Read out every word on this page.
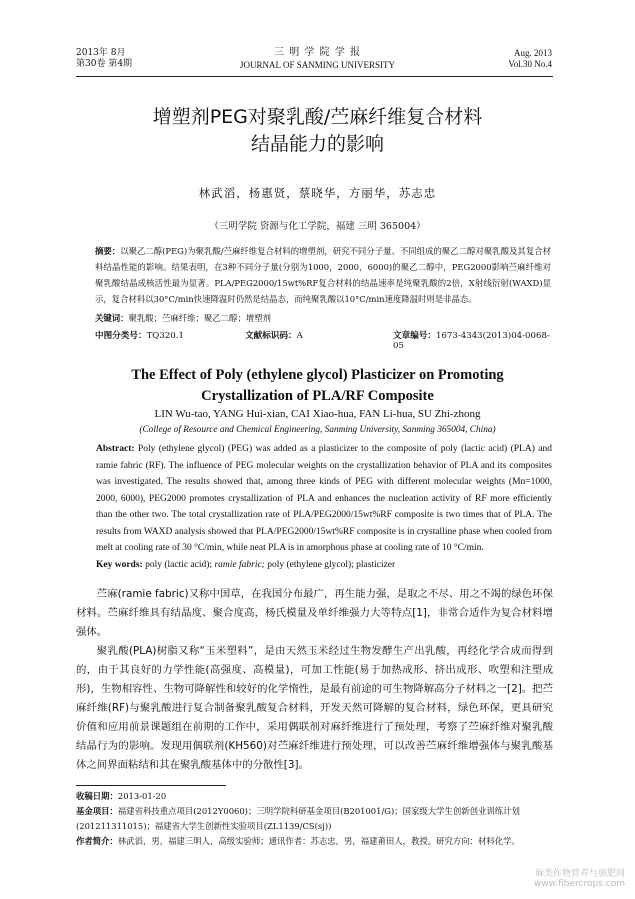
2013年 8月
第30卷 第4期
三 明 学 院 学 报
JOURNAL OF SANMING UNIVERSITY
Aug. 2013
Vol.30 No.4
增塑剂PEG对聚乳酸/苎麻纤维复合材料
结晶能力的影响
林武滔，杨惠贤，蔡晓华，方丽华，苏志忠
（三明学院 资源与化工学院，福建 三明 365004）
摘要：以聚乙二醇(PEG)为聚乳酸/苎麻纤维复合材料的增塑剂，研究不同分子量、不同组成的聚乙二醇对聚乳酸及其复合材料结晶性能的影响。结果表明，在3种不同分子量(分别为1000，2000，6000)的聚乙二醇中，PEG2000影响苎麻纤维对聚乳酸结晶成核活性最为显著。PLA/PEG2000/15wt%RF复合材料的结晶速率是纯聚乳酸的2倍，X射线衍射(WAXD)显示，复合材料以30°C/min快速降温时仍然是结晶态，而纯聚乳酸以10°C/min速度降温时则是非晶态。
关键词：聚乳酸；苎麻纤维；聚乙二醇；增塑剂
中图分类号：TQ320.1	文献标识码：A	文章编号：1673-4343(2013)04-0068-05
The Effect of Poly (ethylene glycol) Plasticizer on Promoting
Crystallization of PLA/RF Composite
LIN Wu-tao, YANG Hui-xian, CAI Xiao-hua, FAN Li-hua, SU Zhi-zhong
(College of Resource and Chemical Engineering, Sanming University, Sanming 365004, China)
Abstract: Poly (ethylene glycol) (PEG) was added as a plasticizer to the composite of poly (lactic acid) (PLA) and ramie fabric (RF). The influence of PEG molecular weights on the crystallization behavior of PLA and its composites was investigated. The results showed that, among three kinds of PEG with different molecular weights (Mn=1000, 2000, 6000), PEG2000 promotes crystallization of PLA and enhances the nucleation activity of RF more efficiently than the other two. The total crystallization rate of PLA/PEG2000/15wt%RF composite is two times that of PLA. The results from WAXD analysis showed that PLA/PEG2000/15wt%RF composite is in crystalline phase when cooled from melt at cooling rate of 30 °C/min, while neat PLA is in amorphous phase at cooling rate of 10 °C/min.
Key words: poly (lactic acid); ramie fabric; poly (ethylene glycol); plasticizer

苎麻(ramie fabric)又称中国草，在我国分布最广，再生能力强，是取之不尽、用之不竭的绿色环保材料。苎麻纤维具有结晶度、聚合度高，杨氏模量及单纤维强力大等特点[1]，非常合适作为复合材料增强体。

聚乳酸(PLA)树脂又称“玉米塑料”，是由天然玉米经过生物发酵生产出乳酸，再经化学合成而得到的，由于其良好的力学性能(高强度、高模量)，可加工性能(易于加热成形、挤出成形、吹塑和注塑成形)，生物相容性、生物可降解性和较好的化学惰性，是最有前途的可生物降解高分子材料之一[2]。把苎麻纤维(RF)与聚乳酸进行复合制备聚乳酸复合材料，开发天然可降解的复合材料，绿色环保，更具研究价值和应用前景课题组在前期的工作中，采用偶联剂对麻纤维进行了预处理，考察了苎麻纤维对聚乳酸结晶行为的影响。发现用偶联剂(KH560)对苎麻纤维进行预处理，可以改善苎麻纤维增强体与聚乳酸基体之间界面粘结和其在聚乳酸基体中的分散性[3]。

收稿日期：2013-01-20
基金项目：福建省科技重点项目(2012Y0060)；三明学院科研基金项目(B201001/G)；国家级大学生创新创业训练计划(201211311015)；福建省大学生创新性实验项目(ZL1139/CS(sj))
作者简介：林武滔，男，福建三明人，高级实验师；通讯作者：苏志忠，男，福建莆田人，教授。研究方向：材料化学。
麻类作物营养与施肥网
www.fibercrops.com
